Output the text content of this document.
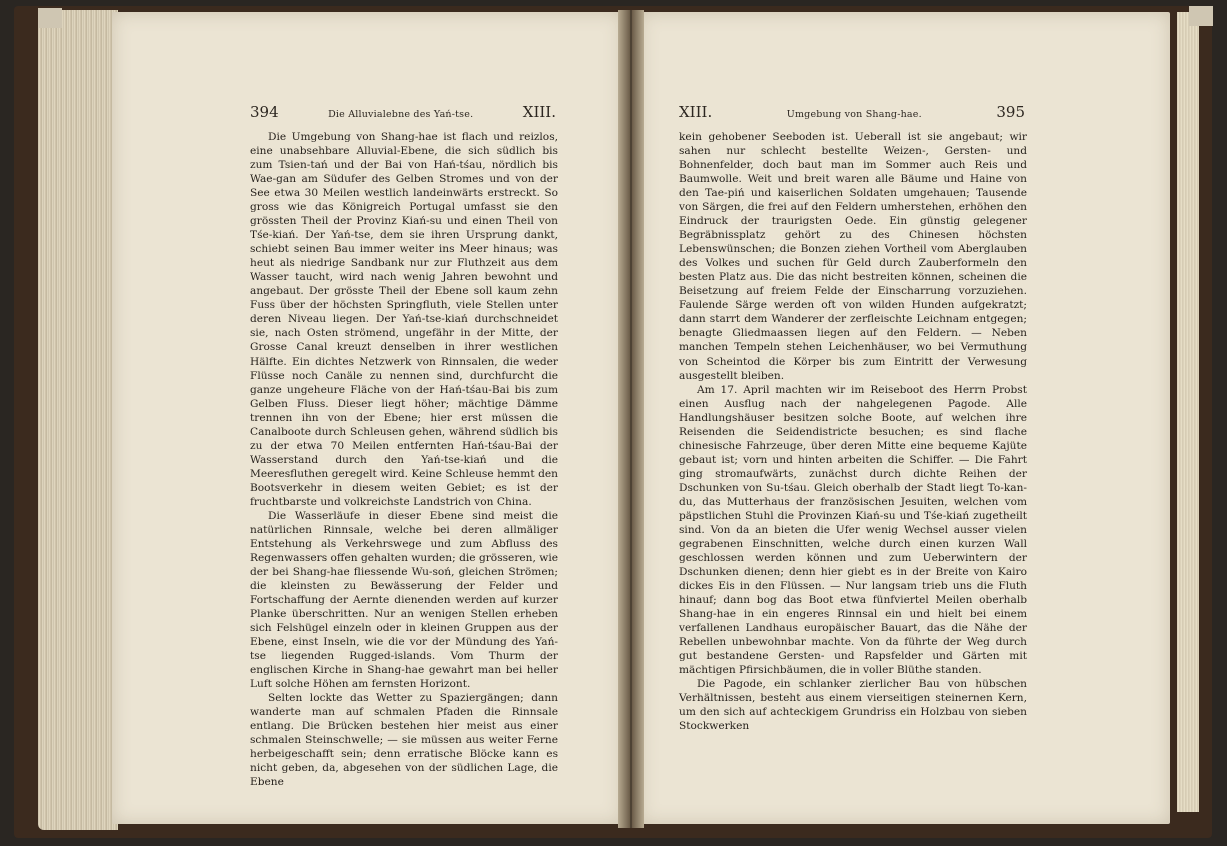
394	Die Alluvialebne des Yań-tse.	XIII.

Die Umgebung von Shang-hae ist flach und reizlos, eine unabsehbare Alluvial-Ebene, die sich südlich bis zum Tsien-tań und der Bai von Hań-tśau, nördlich bis Wae-gan am Südufer des Gelben Stromes und von der See etwa 30 Meilen westlich landeinwärts erstreckt. So gross wie das Königreich Portugal umfasst sie den grössten Theil der Provinz Kiań-su und einen Theil von Tśe-kiań. Der Yań-tse, dem sie ihren Ursprung dankt, schiebt seinen Bau immer weiter ins Meer hinaus; was heut als niedrige Sandbank nur zur Fluthzeit aus dem Wasser taucht, wird nach wenig Jahren bewohnt und angebaut. Der grösste Theil der Ebene soll kaum zehn Fuss über der höchsten Springfluth, viele Stellen unter deren Niveau liegen. Der Yań-tse-kiań durchschneidet sie, nach Osten strömend, ungefähr in der Mitte, der Grosse Canal kreuzt denselben in ihrer westlichen Hälfte. Ein dichtes Netzwerk von Rinnsalen, die weder Flüsse noch Canäle zu nennen sind, durchfurcht die ganze ungeheure Fläche von der Hań-tśau-Bai bis zum Gelben Fluss. Dieser liegt höher; mächtige Dämme trennen ihn von der Ebene; hier erst müssen die Canalboote durch Schleusen gehen, während südlich bis zu der etwa 70 Meilen entfernten Hań-tśau-Bai der Wasserstand durch den Yań-tse-kiań und die Meeresfluthen geregelt wird. Keine Schleuse hemmt den Bootsverkehr in diesem weiten Gebiet; es ist der fruchtbarste und volkreichste Landstrich von China.

Die Wasserläufe in dieser Ebene sind meist die natürlichen Rinnsale, welche bei deren allmäliger Entstehung als Verkehrswege und zum Abfluss des Regenwassers offen gehalten wurden; die grösseren, wie der bei Shang-hae fliessende Wu-soń, gleichen Strömen; die kleinsten zu Bewässerung der Felder und Fortschaffung der Aernte dienenden werden auf kurzer Planke überschritten. Nur an wenigen Stellen erheben sich Felshügel einzeln oder in kleinen Gruppen aus der Ebene, einst Inseln, wie die vor der Mündung des Yań-tse liegenden Rugged-islands. Vom Thurm der englischen Kirche in Shang-hae gewahrt man bei heller Luft solche Höhen am fernsten Horizont.

Selten lockte das Wetter zu Spaziergängen; dann wanderte man auf schmalen Pfaden die Rinnsale entlang. Die Brücken bestehen hier meist aus einer schmalen Steinschwelle; — sie müssen aus weiter Ferne herbeigeschafft sein; denn erratische Blöcke kann es nicht geben, da, abgesehen von der südlichen Lage, die Ebene

XIII.	Umgebung von Shang-hae.	395

kein gehobener Seeboden ist. Ueberall ist sie angebaut; wir sahen nur schlecht bestellte Weizen-, Gersten- und Bohnenfelder, doch baut man im Sommer auch Reis und Baumwolle. Weit und breit waren alle Bäume und Haine von den Tae-piń und kaiserlichen Soldaten umgehauen; Tausende von Särgen, die frei auf den Feldern umherstehen, erhöhen den Eindruck der traurigsten Oede. Ein günstig gelegener Begräbnissplatz gehört zu des Chinesen höchsten Lebenswünschen; die Bonzen ziehen Vortheil vom Aberglauben des Volkes und suchen für Geld durch Zauberformeln den besten Platz aus. Die das nicht bestreiten können, scheinen die Beisetzung auf freiem Felde der Einscharrung vorzuziehen. Faulende Särge werden oft von wilden Hunden aufgekratzt; dann starrt dem Wanderer der zerfleischte Leichnam entgegen; benagte Gliedmaassen liegen auf den Feldern. — Neben manchen Tempeln stehen Leichenhäuser, wo bei Vermuthung von Scheintod die Körper bis zum Eintritt der Verwesung ausgestellt bleiben.

Am 17. April machten wir im Reiseboot des Herrn Probst einen Ausflug nach der nahgelegenen Pagode. Alle Handlungshäuser besitzen solche Boote, auf welchen ihre Reisenden die Seidendistricte besuchen; es sind flache chinesische Fahrzeuge, über deren Mitte eine bequeme Kajüte gebaut ist; vorn und hinten arbeiten die Schiffer. — Die Fahrt ging stromaufwärts, zunächst durch dichte Reihen der Dschunken von Su-tśau. Gleich oberhalb der Stadt liegt To-kan-du, das Mutterhaus der französischen Jesuiten, welchen vom päpstlichen Stuhl die Provinzen Kiań-su und Tśe-kiań zugetheilt sind. Von da an bieten die Ufer wenig Wechsel ausser vielen gegrabenen Einschnitten, welche durch einen kurzen Wall geschlossen werden können und zum Ueberwintern der Dschunken dienen; denn hier giebt es in der Breite von Kairo dickes Eis in den Flüssen. — Nur langsam trieb uns die Fluth hinauf; dann bog das Boot etwa fünfviertel Meilen oberhalb Shang-hae in ein engeres Rinnsal ein und hielt bei einem verfallenen Landhaus europäischer Bauart, das die Nähe der Rebellen unbewohnbar machte. Von da führte der Weg durch gut bestandene Gersten- und Rapsfelder und Gärten mit mächtigen Pfirsichbäumen, die in voller Blüthe standen.

Die Pagode, ein schlanker zierlicher Bau von hübschen Verhältnissen, besteht aus einem vierseitigen steinernen Kern, um den sich auf achteckigem Grundriss ein Holzbau von sieben Stockwerken
